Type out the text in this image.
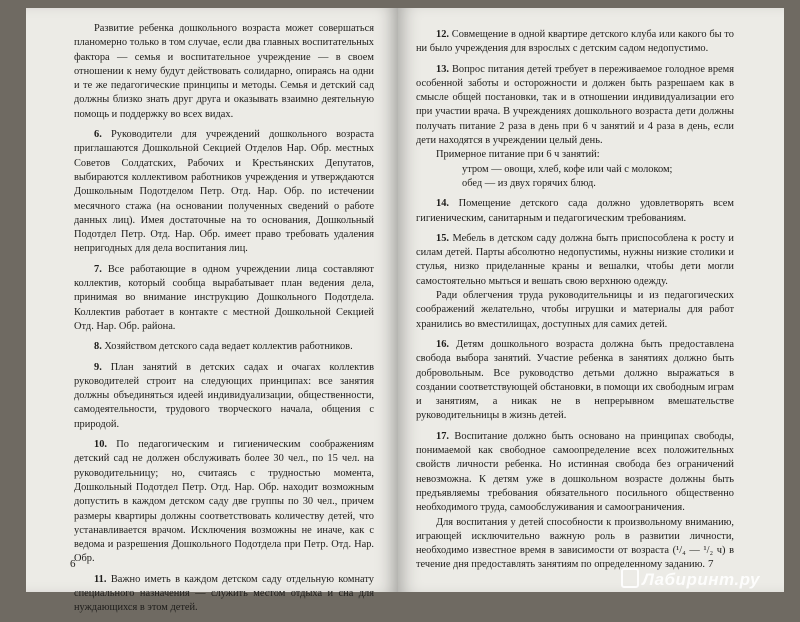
Развитие ребенка дошкольного возраста может совершаться планомерно только в том случае, если два главных воспитательных фактора — семья и воспитательное учреждение — в своем отношении к нему будут действовать солидарно, опираясь на одни и те же педагогические принципы и методы. Семья и детский сад должны близко знать друг друга и оказывать взаимно деятельную помощь и поддержку во всех видах.

6. Руководители для учреждений дошкольного возраста приглашаются Дошкольной Секцией Отделов Нар. Обр. местных Советов Солдатских, Рабочих и Крестьянских Депутатов, выбираются коллективом работников учреждения и утверждаются Дошкольным Подотделом Петр. Отд. Нар. Обр. по истечении месячного стажа (на основании полученных сведений о работе данных лиц). Имея достаточные на то основания, Дошкольный Подотдел Петр. Отд. Нар. Обр. имеет право требовать удаления непригодных для дела воспитания лиц.

7. Все работающие в одном учреждении лица составляют коллектив, который сообща вырабатывает план ведения дела, принимая во внимание инструкцию Дошкольного Подотдела. Коллектив работает в контакте с местной Дошкольной Секцией Отд. Нар. Обр. района.

8. Хозяйством детского сада ведает коллектив работников.

9. План занятий в детских садах и очагах коллектив руководителей строит на следующих принципах: все занятия должны объединяться идеей индивидуализации, общественности, самодеятельности, трудового творческого начала, общения с природой.

10. По педагогическим и гигиеническим соображениям детский сад не должен обслуживать более 30 чел., по 15 чел. на руководительницу; но, считаясь с трудностью момента, Дошкольный Подотдел Петр. Отд. Нар. Обр. находит возможным допустить в каждом детском саду две группы по 30 чел., причем размеры квартиры должны соответствовать количеству детей, что устанавливается врачом. Исключения возможны не иначе, как с ведома и разрешения Дошкольного Подотдела при Петр. Отд. Нар. Обр.

11. Важно иметь в каждом детском саду отдельную комнату специального назначения — служить местом отдыха и сна для нуждающихся в этом детей.

6

12. Совмещение в одной квартире детского клуба или какого бы то ни было учреждения для взрослых с детским садом недопустимо.

13. Вопрос питания детей требует в переживаемое голодное время особенной заботы и осторожности и должен быть разрешаем как в смысле общей постановки, так и в отношении индивидуализации его при участии врача. В учреждениях дошкольного возраста дети должны получать питание 2 раза в день при 6 ч занятий и 4 раза в день, если дети находятся в учреждении целый день.

Примерное питание при 6 ч занятий:

утром — овощи, хлеб, кофе или чай с молоком;
обед — из двух горячих блюд.

14. Помещение детского сада должно удовлетворять всем гигиеническим, санитарным и педагогическим требованиям.

15. Мебель в детском саду должна быть приспособлена к росту и силам детей. Парты абсолютно недопустимы, нужны низкие столики и стулья, низко приделанные краны и вешалки, чтобы дети могли самостоятельно мыться и вешать свою верхнюю одежду.

Ради облегчения труда руководительницы и из педагогических соображений желательно, чтобы игрушки и материалы для работ хранились во вместилищах, доступных для самих детей.

16. Детям дошкольного возраста должна быть предоставлена свобода выбора занятий. Участие ребенка в занятиях должно быть добровольным. Все руководство детьми должно выражаться в создании соответствующей обстановки, в помощи их свободным играм и занятиям, а никак не в непрерывном вмешательстве руководительницы в жизнь детей.

17. Воспитание должно быть основано на принципах свободы, понимаемой как свободное самоопределение всех положительных свойств личности ребенка. Но истинная свобода без ограничений невозможна. К детям уже в дошкольном возрасте должны быть предъявляемы требования обязательного посильного общественно необходимого труда, самообслуживания и самоограничения.

Для воспитания у детей способности к произвольному вниманию, играющей исключительно важную роль в развитии личности, необходимо известное время в зависимости от возраста (¹/₄ — ¹/₂ ч) в течение дня предоставлять занятиям по определенному заданию. 7
Лабиринт.ру
